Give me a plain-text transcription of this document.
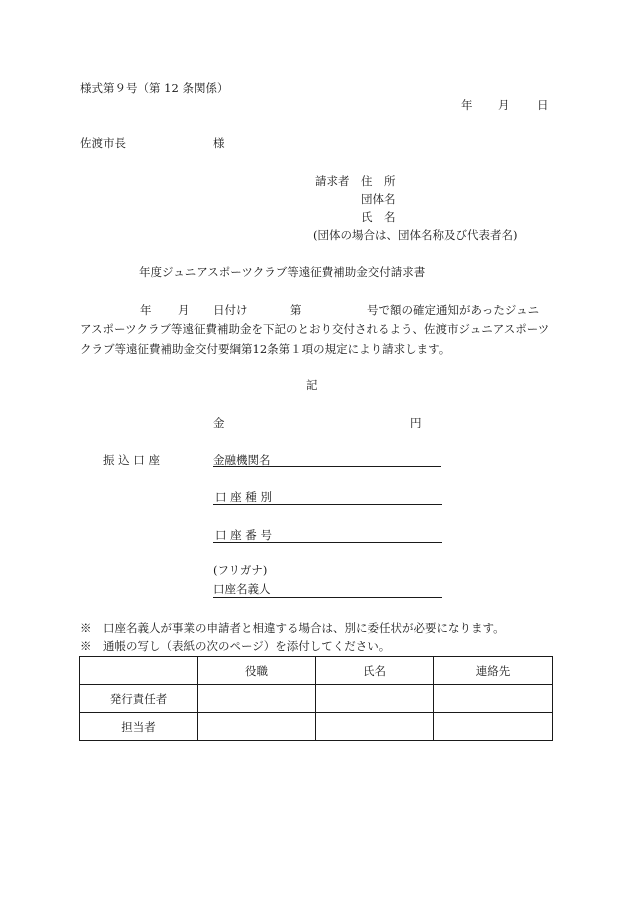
様式第９号（第 12 条関係）
年 月 日
佐渡市長	様
請求者 住　所
団体名
氏　名
(団体の場合は、団体名称及び代表者名)
年度ジュニアスポーツクラブ等遠征費補助金交付請求書
年 月 日付け	第	号で額の確定通知があったジュニ
アスポーツクラブ等遠征費補助金を下記のとおり交付されるよう、佐渡市ジュニアスポーツクラブ等遠征費補助金交付要綱第12条第１項の規定により請求します。
記
金	円
振 込 口 座	金融機関名
口 座 種 別
口 座 番 号
(フリガナ)
口座名義人
※　口座名義人が事業の申請者と相違する場合は、別に委任状が必要になります。
※　通帳の写し（表紙の次のページ）を添付してください。
	役職	氏名	連絡先
発行責任者			
担当者			
